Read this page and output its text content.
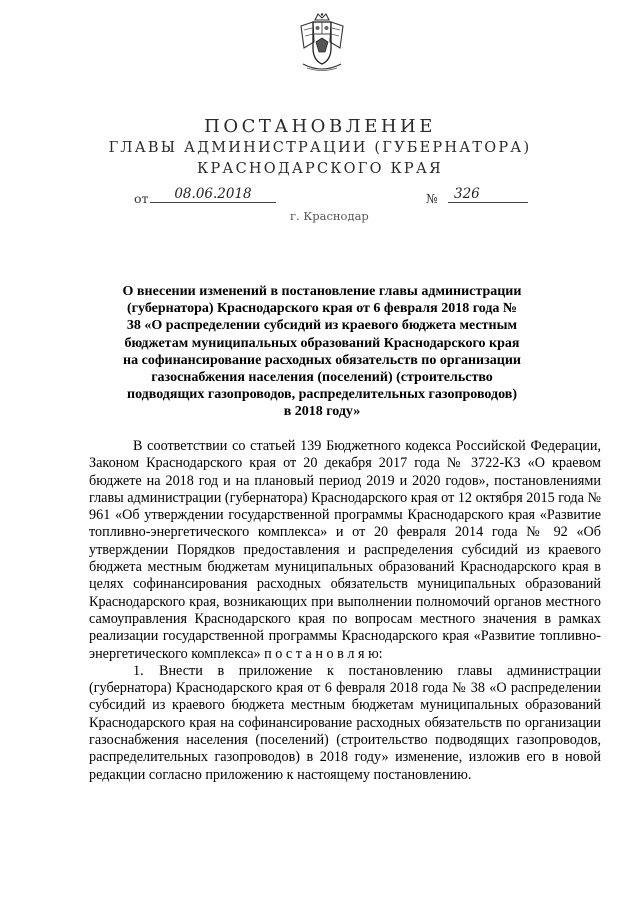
ПОСТАНОВЛЕНИЕ
ГЛАВЫ АДМИНИСТРАЦИИ (ГУБЕРНАТОРА)
КРАСНОДАРСКОГО КРАЯ
от	08.06.2018	№	326
г. Краснодар
О внесении изменений в постановление главы администрации (губернатора) Краснодарского края от 6 февраля 2018 года № 38 «О распределении субсидий из краевого бюджета местным бюджетам муниципальных образований Краснодарского края на софинансирование расходных обязательств по организации газоснабжения населения (поселений) (строительство подводящих газопроводов, распределительных газопроводов) в 2018 году»

В соответствии со статьей 139 Бюджетного кодекса Российской Федерации, Законом Краснодарского края от 20 декабря 2017 года № 3722-КЗ «О краевом бюджете на 2018 год и на плановый период 2019 и 2020 годов», постановлениями главы администрации (губернатора) Краснодарского края от 12 октября 2015 года № 961 «Об утверждении государственной программы Краснодарского края «Развитие топливно-энергетического комплекса» и от 20 февраля 2014 года № 92 «Об утверждении Порядков предоставления и распределения субсидий из краевого бюджета местным бюджетам муниципальных образований Краснодарского края в целях софинансирования расходных обязательств муниципальных образований Краснодарского края, возникающих при выполнении полномочий органов местного самоуправления Краснодарского края по вопросам местного значения в рамках реализации государственной программы Краснодарского края «Развитие топливно-энергетического комплекса» п о с т а н о в л я ю:

1. Внести в приложение к постановлению главы администрации (губернатора) Краснодарского края от 6 февраля 2018 года № 38 «О распределении субсидий из краевого бюджета местным бюджетам муниципальных образований Краснодарского края на софинансирование расходных обязательств по организации газоснабжения населения (поселений) (строительство подводящих газопроводов, распределительных газопроводов) в 2018 году» изменение, изложив его в новой редакции согласно приложению к настоящему постановлению.
